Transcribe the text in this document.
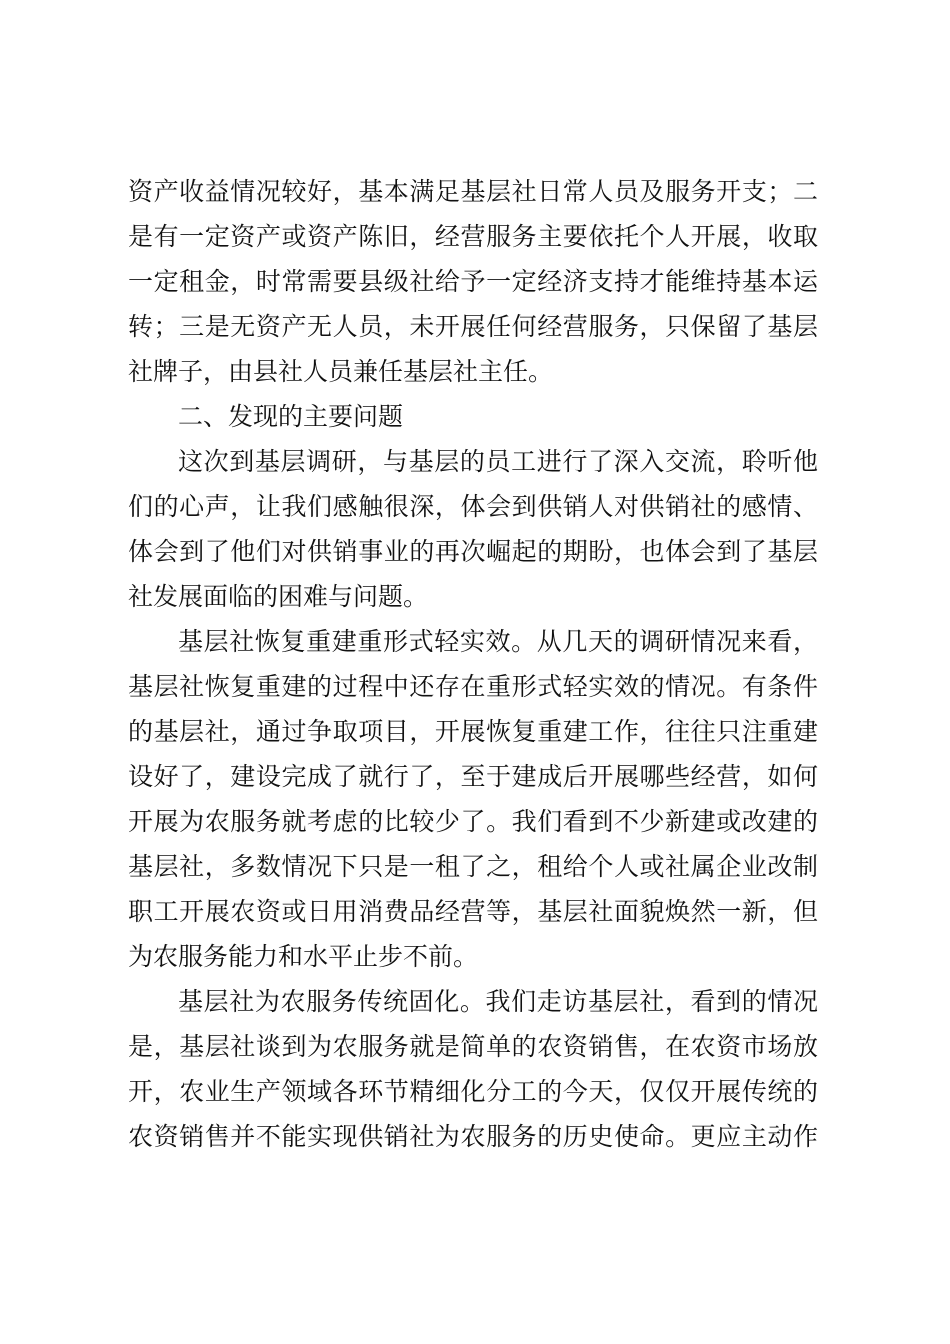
资产收益情况较好，基本满足基层社日常人员及服务开支；二
是有一定资产或资产陈旧，经营服务主要依托个人开展，收取
一定租金，时常需要县级社给予一定经济支持才能维持基本运
转；三是无资产无人员，未开展任何经营服务，只保留了基层
社牌子，由县社人员兼任基层社主任。
二、发现的主要问题
这次到基层调研，与基层的员工进行了深入交流，聆听他
们的心声，让我们感触很深，体会到供销人对供销社的感情、
体会到了他们对供销事业的再次崛起的期盼，也体会到了基层
社发展面临的困难与问题。
基层社恢复重建重形式轻实效。从几天的调研情况来看，
基层社恢复重建的过程中还存在重形式轻实效的情况。有条件
的基层社，通过争取项目，开展恢复重建工作，往往只注重建
设好了，建设完成了就行了，至于建成后开展哪些经营，如何
开展为农服务就考虑的比较少了。我们看到不少新建或改建的
基层社，多数情况下只是一租了之，租给个人或社属企业改制
职工开展农资或日用消费品经营等，基层社面貌焕然一新，但
为农服务能力和水平止步不前。
基层社为农服务传统固化。我们走访基层社，看到的情况
是，基层社谈到为农服务就是简单的农资销售，在农资市场放
开，农业生产领域各环节精细化分工的今天，仅仅开展传统的
农资销售并不能实现供销社为农服务的历史使命。更应主动作
